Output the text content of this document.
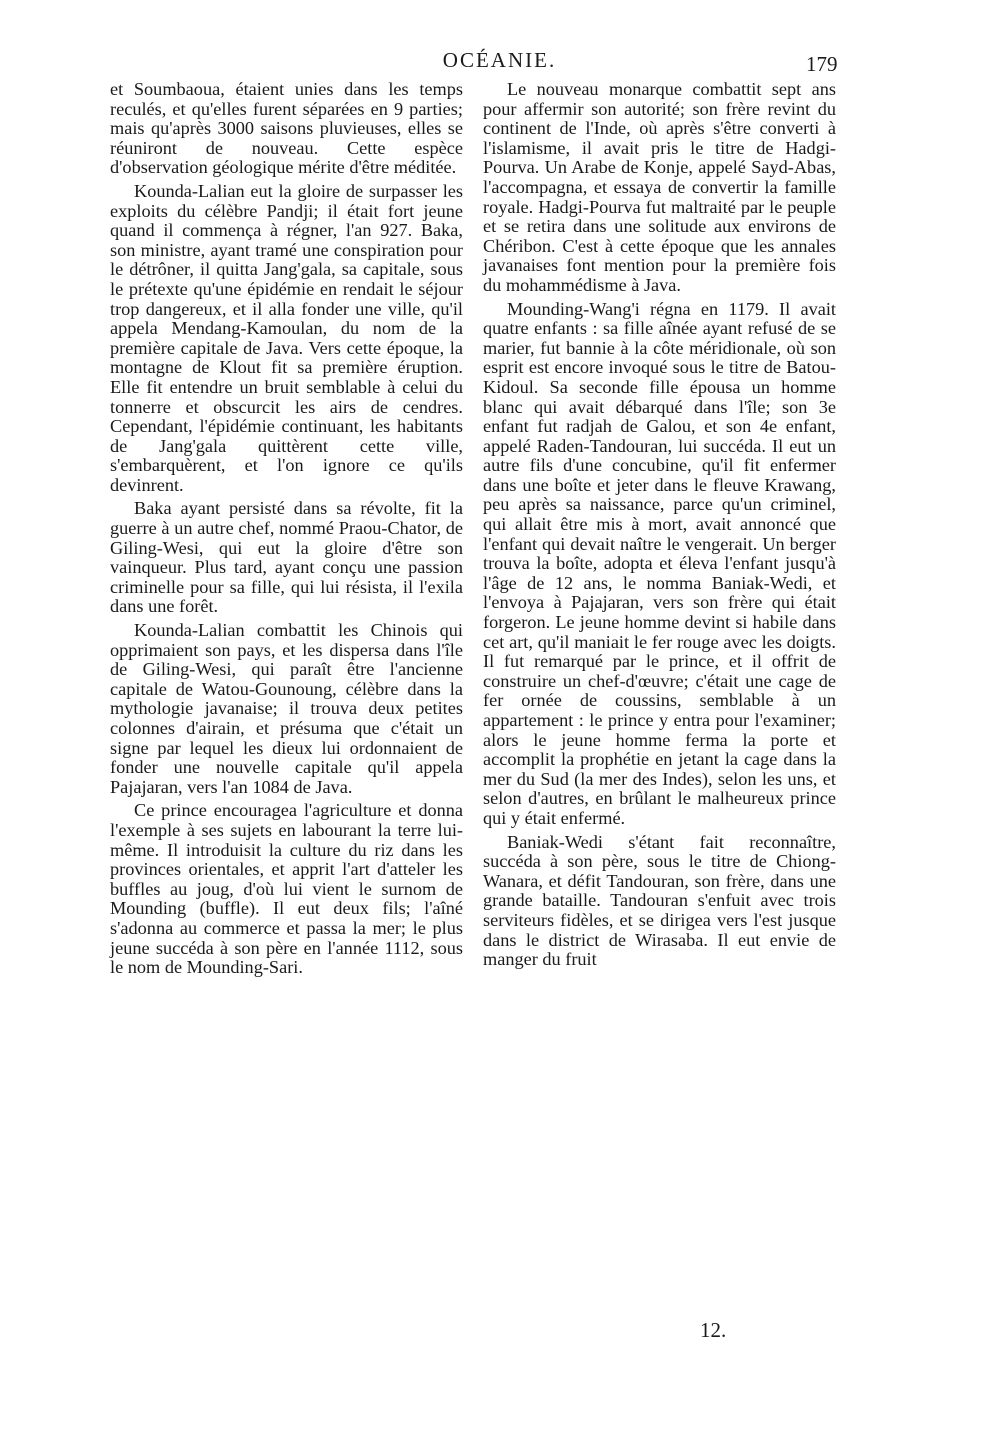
OCÉANIE.	179

et Soumbaoua, étaient unies dans les temps reculés, et qu'elles furent séparées en 9 parties; mais qu'après 3000 saisons pluvieuses, elles se réuniront de nouveau. Cette espèce d'observation géologique mérite d'être méditée.

Kounda-Lalian eut la gloire de surpasser les exploits du célèbre Pandji; il était fort jeune quand il commença à régner, l'an 927. Baka, son ministre, ayant tramé une conspiration pour le détrôner, il quitta Jang'gala, sa capitale, sous le prétexte qu'une épidémie en rendait le séjour trop dangereux, et il alla fonder une ville, qu'il appela Mendang-Kamoulan, du nom de la première capitale de Java. Vers cette époque, la montagne de Klout fit sa première éruption. Elle fit entendre un bruit semblable à celui du tonnerre et obscurcit les airs de cendres. Cependant, l'épidémie continuant, les habitants de Jang'gala quittèrent cette ville, s'embarquèrent, et l'on ignore ce qu'ils devinrent.

Baka ayant persisté dans sa révolte, fit la guerre à un autre chef, nommé Praou-Chator, de Giling-Wesi, qui eut la gloire d'être son vainqueur. Plus tard, ayant conçu une passion criminelle pour sa fille, qui lui résista, il l'exila dans une forêt.

Kounda-Lalian combattit les Chinois qui opprimaient son pays, et les dispersa dans l'île de Giling-Wesi, qui paraît être l'ancienne capitale de Watou-Gounoung, célèbre dans la mythologie javanaise; il trouva deux petites colonnes d'airain, et présuma que c'était un signe par lequel les dieux lui ordonnaient de fonder une nouvelle capitale qu'il appela Pajajaran, vers l'an 1084 de Java.

Ce prince encouragea l'agriculture et donna l'exemple à ses sujets en labourant la terre lui-même. Il introduisit la culture du riz dans les provinces orientales, et apprit l'art d'atteler les buffles au joug, d'où lui vient le surnom de Mounding (buffle). Il eut deux fils; l'aîné s'adonna au commerce et passa la mer; le plus jeune succéda à son père en l'année 1112, sous le nom de Mounding-Sari.

Le nouveau monarque combattit sept ans pour affermir son autorité; son frère revint du continent de l'Inde, où après s'être converti à l'islamisme, il avait pris le titre de Hadgi-Pourva. Un Arabe de Konje, appelé Sayd-Abas, l'accompagna, et essaya de convertir la famille royale. Hadgi-Pourva fut maltraité par le peuple et se retira dans une solitude aux environs de Chéribon. C'est à cette époque que les annales javanaises font mention pour la première fois du mohammédisme à Java.

Mounding-Wang'i régna en 1179. Il avait quatre enfants : sa fille aînée ayant refusé de se marier, fut bannie à la côte méridionale, où son esprit est encore invoqué sous le titre de Batou-Kidoul. Sa seconde fille épousa un homme blanc qui avait débarqué dans l'île; son 3e enfant fut radjah de Galou, et son 4e enfant, appelé Raden-Tandouran, lui succéda. Il eut un autre fils d'une concubine, qu'il fit enfermer dans une boîte et jeter dans le fleuve Krawang, peu après sa naissance, parce qu'un criminel, qui allait être mis à mort, avait annoncé que l'enfant qui devait naître le vengerait. Un berger trouva la boîte, adopta et éleva l'enfant jusqu'à l'âge de 12 ans, le nomma Baniak-Wedi, et l'envoya à Pajajaran, vers son frère qui était forgeron. Le jeune homme devint si habile dans cet art, qu'il maniait le fer rouge avec les doigts. Il fut remarqué par le prince, et il offrit de construire un chef-d'œuvre; c'était une cage de fer ornée de coussins, semblable à un appartement : le prince y entra pour l'examiner; alors le jeune homme ferma la porte et accomplit la prophétie en jetant la cage dans la mer du Sud (la mer des Indes), selon les uns, et selon d'autres, en brûlant le malheureux prince qui y était enfermé.

Baniak-Wedi s'étant fait reconnaître, succéda à son père, sous le titre de Chiong-Wanara, et défit Tandouran, son frère, dans une grande bataille. Tandouran s'enfuit avec trois serviteurs fidèles, et se dirigea vers l'est jusque dans le district de Wirasaba. Il eut envie de manger du fruit

12.
